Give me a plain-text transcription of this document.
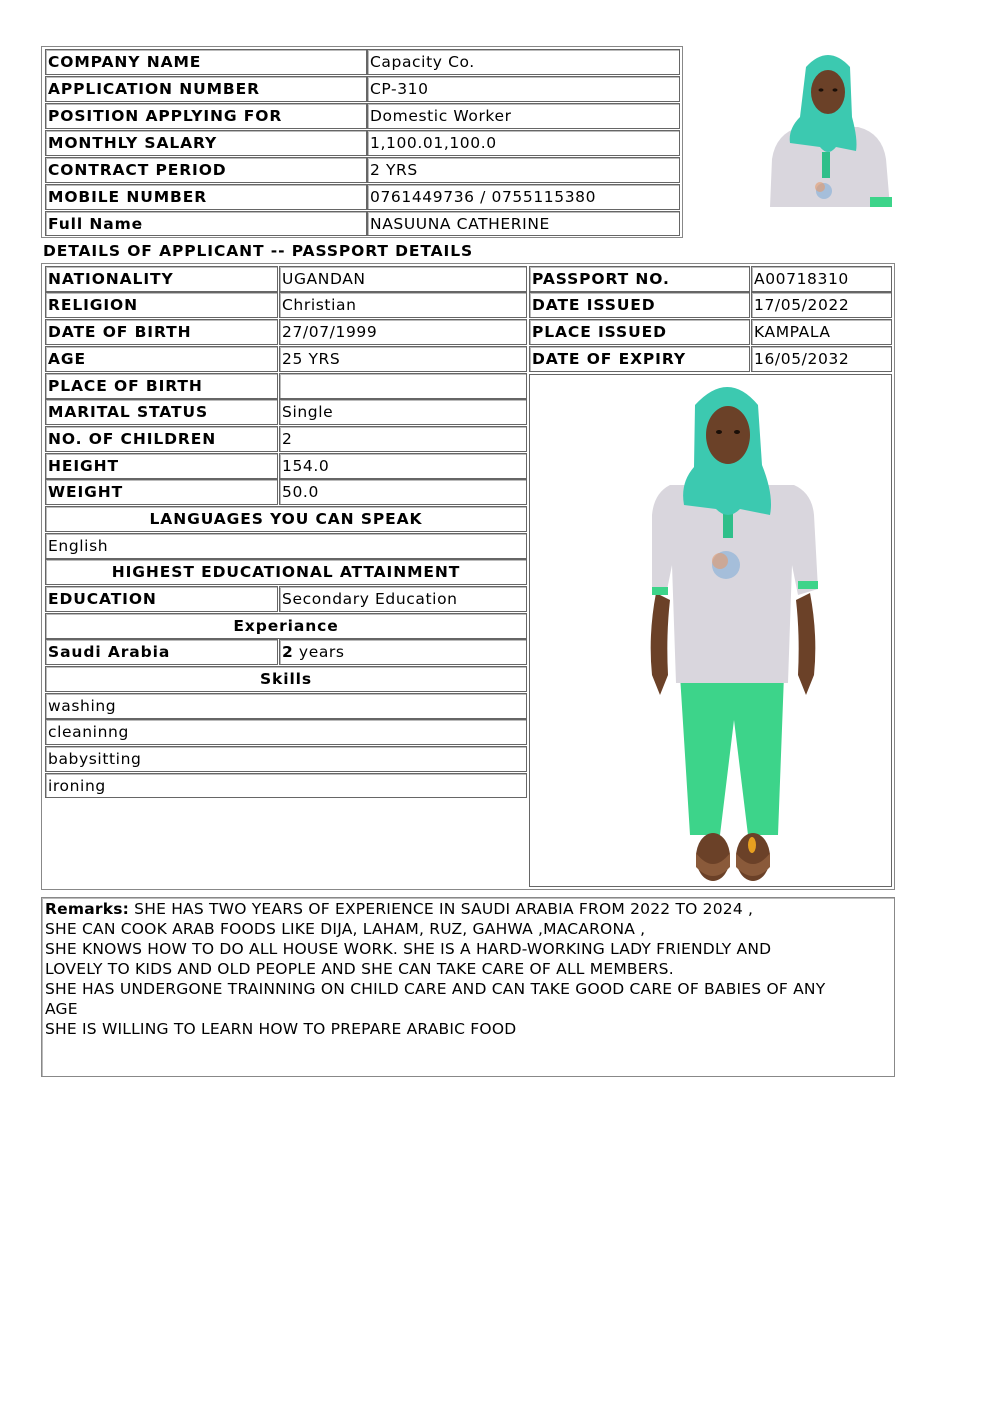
COMPANY NAME	Capacity Co.
APPLICATION NUMBER	CP-310
POSITION APPLYING FOR	Domestic Worker
MONTHLY SALARY	1,100.01,100.0
CONTRACT PERIOD	2 YRS
MOBILE NUMBER	0761449736 / 0755115380
Full Name	NASUUNA CATHERINE
DETAILS OF APPLICANT -- PASSPORT DETAILS
NATIONALITY	UGANDAN
RELIGION	Christian
DATE OF BIRTH	27/07/1999
AGE	25 YRS
PLACE OF BIRTH
MARITAL STATUS	Single
NO. OF CHILDREN	2
HEIGHT	154.0
WEIGHT	50.0
LANGUAGES YOU CAN SPEAK
English
HIGHEST EDUCATIONAL ATTAINMENT
EDUCATION	Secondary Education
Experiance
Saudi Arabia	2 years
Skills
washing
cleaninng
babysitting
ironing
PASSPORT NO.	A00718310
DATE ISSUED	17/05/2022
PLACE ISSUED	KAMPALA
DATE OF EXPIRY	16/05/2032
Remarks: SHE HAS TWO YEARS OF EXPERIENCE IN SAUDI ARABIA FROM 2022 TO 2024 ,
SHE CAN COOK ARAB FOODS LIKE DIJA, LAHAM, RUZ, GAHWA ,MACARONA ,
SHE KNOWS HOW TO DO ALL HOUSE WORK. SHE IS A HARD-WORKING LADY FRIENDLY AND
LOVELY TO KIDS AND OLD PEOPLE AND SHE CAN TAKE CARE OF ALL MEMBERS.
SHE HAS UNDERGONE TRAINNING ON CHILD CARE AND CAN TAKE GOOD CARE OF BABIES OF ANY
AGE
SHE IS WILLING TO LEARN HOW TO PREPARE ARABIC FOOD
